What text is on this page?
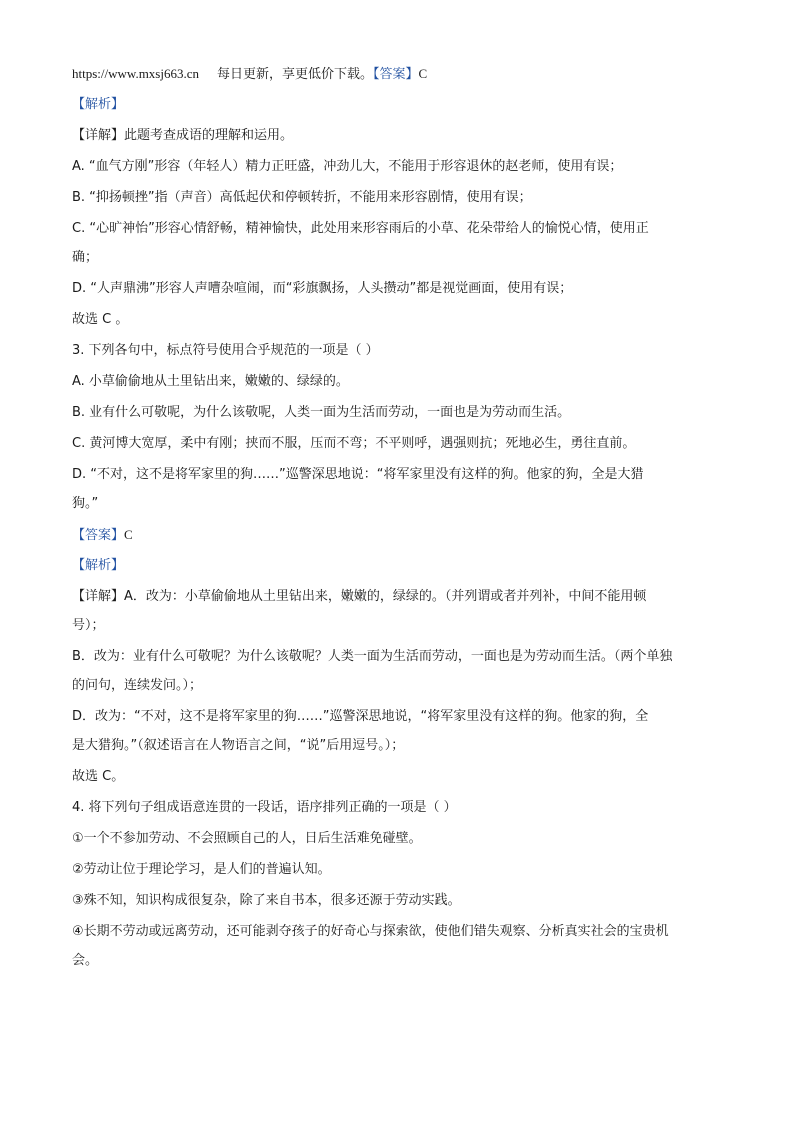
https://www.mxsj663.cn 每日更新，享更低价下载。【答案】C
【解析】
【详解】此题考查成语的理解和运用。
A. “血气方刚”形容（年轻人）精力正旺盛，冲劲儿大，不能用于形容退休的赵老师，使用有误；
B. “抑扬顿挫”指（声音）高低起伏和停顿转折，不能用来形容剧情，使用有误；
C. “心旷神怡”形容心情舒畅，精神愉快，此处用来形容雨后的小草、花朵带给人的愉悦心情，使用正
确；
D. “人声鼎沸”形容人声嘈杂喧闹，而“彩旗飘扬，人头攒动”都是视觉画面，使用有误；
故选 C 。
3. 下列各句中，标点符号使用合乎规范的一项是（ ）
A. 小草偷偷地从土里钻出来，嫩嫩的、绿绿的。
B. 业有什么可敬呢，为什么该敬呢，人类一面为生活而劳动，一面也是为劳动而生活。
C. 黄河博大宽厚，柔中有刚；挟而不服，压而不弯；不平则呼，遇强则抗；死地必生，勇往直前。
D. “不对，这不是将军家里的狗……”巡警深思地说：“将军家里没有这样的狗。他家的狗，全是大猎
狗。”
【答案】C
【解析】
【详解】A．改为：小草偷偷地从土里钻出来，嫩嫩的，绿绿的。（并列谓或者并列补，中间不能用顿
号）；
B．改为：业有什么可敬呢？为什么该敬呢？人类一面为生活而劳动，一面也是为劳动而生活。（两个单独
的问句，连续发问。）；
D．改为：“不对，这不是将军家里的狗……”巡警深思地说，“将军家里没有这样的狗。他家的狗，全
是大猎狗。”（叙述语言在人物语言之间，“说”后用逗号。）；
故选 C。
4. 将下列句子组成语意连贯的一段话，语序排列正确的一项是（ ）
①一个不参加劳动、不会照顾自己的人，日后生活难免碰壁。
②劳动让位于理论学习，是人们的普遍认知。
③殊不知，知识构成很复杂，除了来自书本，很多还源于劳动实践。
④长期不劳动或远离劳动，还可能剥夺孩子的好奇心与探索欲，使他们错失观察、分析真实社会的宝贵机
会。
